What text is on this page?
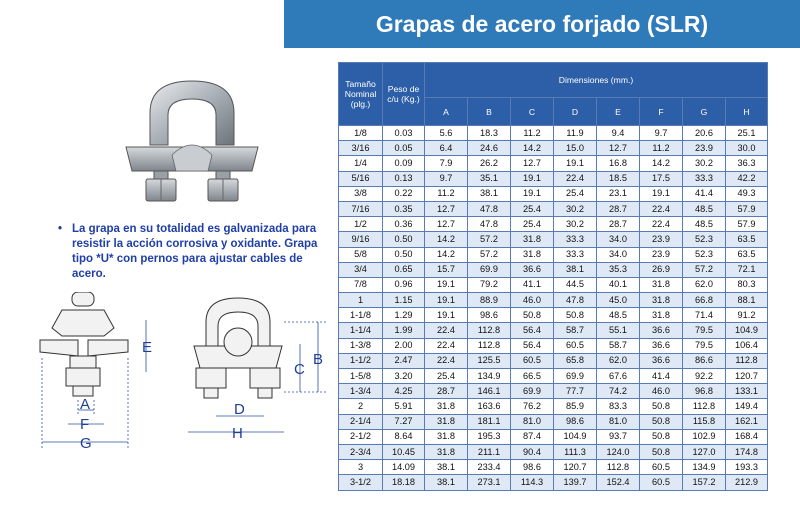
Grapas de acero forjado (SLR)
• La grapa en su totalidad es galvanizada para resistir la acción corrosiva y oxidante. Grapa tipo *U* con pernos para ajustar cables de acero.
E
A
F
G
B
C
D
H
Tamaño Nominal (plg.)	Peso de c/u (Kg.)	Dimensiones (mm.)							
		A	B	C	D	E	F	G	H
1/8	0.03	5.6	18.3	11.2	11.9	9.4	9.7	20.6	25.1
3/16	0.05	6.4	24.6	14.2	15.0	12.7	11.2	23.9	30.0
1/4	0.09	7.9	26.2	12.7	19.1	16.8	14.2	30.2	36.3
5/16	0.13	9.7	35.1	19.1	22.4	18.5	17.5	33.3	42.2
3/8	0.22	11.2	38.1	19.1	25.4	23.1	19.1	41.4	49.3
7/16	0.35	12.7	47.8	25.4	30.2	28.7	22.4	48.5	57.9
1/2	0.36	12.7	47.8	25.4	30.2	28.7	22.4	48.5	57.9
9/16	0.50	14.2	57.2	31.8	33.3	34.0	23.9	52.3	63.5
5/8	0.50	14.2	57.2	31.8	33.3	34.0	23.9	52.3	63.5
3/4	0.65	15.7	69.9	36.6	38.1	35.3	26.9	57.2	72.1
7/8	0.96	19.1	79.2	41.1	44.5	40.1	31.8	62.0	80.3
1	1.15	19.1	88.9	46.0	47.8	45.0	31.8	66.8	88.1
1-1/8	1.29	19.1	98.6	50.8	50.8	48.5	31.8	71.4	91.2
1-1/4	1.99	22.4	112.8	56.4	58.7	55.1	36.6	79.5	104.9
1-3/8	2.00	22.4	112.8	56.4	60.5	58.7	36.6	79.5	106.4
1-1/2	2.47	22.4	125.5	60.5	65.8	62.0	36.6	86.6	112.8
1-5/8	3.20	25.4	134.9	66.5	69.9	67.6	41.4	92.2	120.7
1-3/4	4.25	28.7	146.1	69.9	77.7	74.2	46.0	96.8	133.1
2	5.91	31.8	163.6	76.2	85.9	83.3	50.8	112.8	149.4
2-1/4	7.27	31.8	181.1	81.0	98.6	81.0	50.8	115.8	162.1
2-1/2	8.64	31.8	195.3	87.4	104.9	93.7	50.8	102.9	168.4
2-3/4	10.45	31.8	211.1	90.4	111.3	124.0	50.8	127.0	174.8
3	14.09	38.1	233.4	98.6	120.7	112.8	60.5	134.9	193.3
3-1/2	18.18	38.1	273.1	114.3	139.7	152.4	60.5	157.2	212.9
